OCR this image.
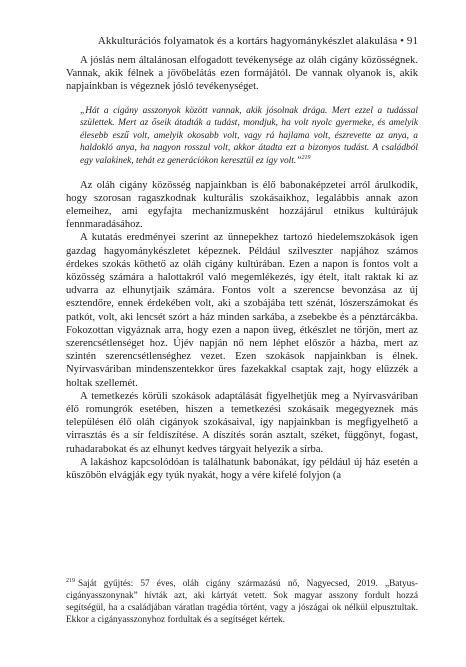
Akkulturációs folyamatok és a kortárs hagyománykészlet alakulása • 91

A jóslás nem általánosan elfogadott tevékenysége az oláh cigány közösségnek. Vannak, akik félnek a jövőbelátás ezen formájától. De vannak olyanok is, akik napjainkban is végeznek jósló tevékenységet.

„Hát a cigány asszonyok között vannak, akik jósolnak drága. Mert ezzel a tudással születtek. Mert az őseik átadták a tudást, mondjuk, ha volt nyolc gyermeke, és amelyik élesebb eszű volt, amelyik okosabb volt, vagy rá hajlama volt, észrevette az anya, a haldokló anya, ha nagyon rosszul volt, akkor átadta ezt a bizonyos tudást. A családból egy valakinek, tehát ez generációkon keresztül ez így volt.”$^{219}$

Az oláh cigány közösség napjainkban is élő babonaképzetei arról árulkodik, hogy szorosan ragaszkodnak kulturális szokásaikhoz, legalábbis annak azon elemeihez, ami egyfajta mechanizmusként hozzájárul etnikus kultúrájuk fennmaradásához.

A kutatás eredményei szerint az ünnepekhez tartozó hiedelemszokások igen gazdag hagyománykészletet képeznek. Például szilveszter napjához számos érdekes szokás köthető az oláh cigány kultúrában. Ezen a napon is fontos volt a közösség számára a halottakról való megemlékezés, így ételt, italt raktak ki az udvarra az elhunytjaik számára. Fontos volt a szerencse bevonzása az új esztendőre, ennek érdekében volt, aki a szobájába tett szénát, lószerszámokat és patkót, volt, aki lencsét szórt a ház minden sarkába, a zsebekbe és a pénztárcákba. Fokozottan vigyáznak arra, hogy ezen a napon üveg, étkészlet ne törjön, mert az szerencsétlenséget hoz. Újév napján nő nem léphet először a házba, mert az szintén szerencsétlenséghez vezet. Ezen szokások napjainkban is élnek. Nyírvasváriban mindenszentekkor üres fazekakkal csaptak zajt, hogy elűzzék a holtak szellemét.

A temetkezés körüli szokások adaptálását figyelhetjük meg a Nyírvasváriban élő romungrók esetében, hiszen a temetkezési szokásaik megegyeznek más településen élő oláh cigányok szokásaival, így napjainkban is megfigyelhető a virrasztás és a sír feldíszítése. A díszítés során asztalt, széket, függönyt, fogast, ruhadarabokat és az elhunyt kedves tárgyait helyezik a sírba.

A lakáshoz kapcsolódóan is találhatunk babonákat, így például új ház esetén a küszöbön elvágják egy tyúk nyakát, hogy a vére kifelé folyjon (a

$^{219}$ Saját gyűjtés: 57 éves, oláh cigány származású nő, Nagyecsed, 2019. „Batyus-cigányasszonynak” hívták azt, aki kártyát vetett. Sok magyar asszony fordult hozzá segítségül, ha a családjában váratlan tragédia történt, vagy a jószágai ok nélkül elpusztultak. Ekkor a cigányasszonyhoz fordultak és a segítséget kértek.
